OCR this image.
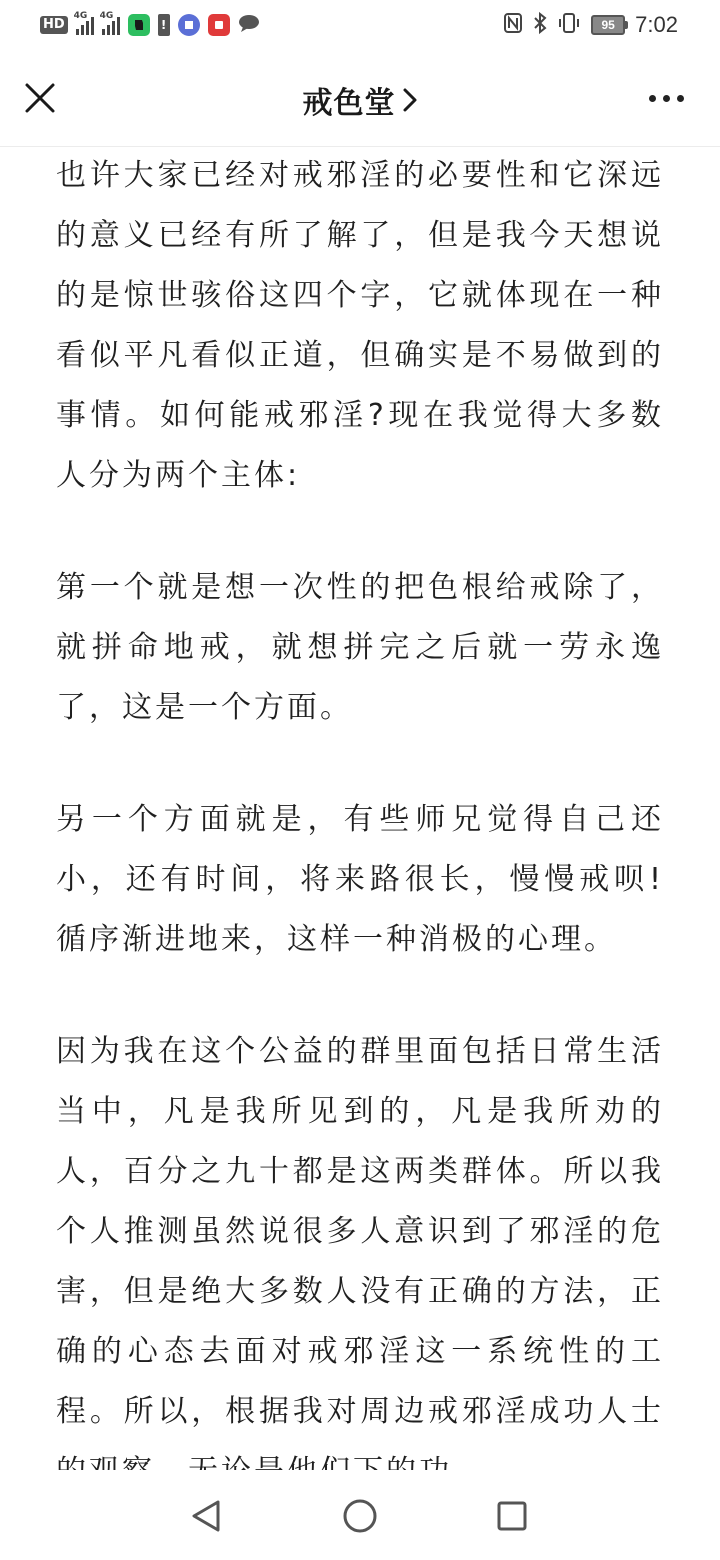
HD
4G 4G
!	95 7:02
戒色堂

也许大家已经对戒邪淫的必要性和它深远的意义已经有所了解了，但是我今天想说的是惊世骇俗这四个字，它就体现在一种看似平凡看似正道，但确实是不易做到的事情。如何能戒邪淫?现在我觉得大多数人分为两个主体:

第一个就是想一次性的把色根给戒除了，就拼命地戒，就想拼完之后就一劳永逸了，这是一个方面。

另一个方面就是，有些师兄觉得自己还小，还有时间，将来路很长，慢慢戒呗!循序渐进地来，这样一种消极的心理。

因为我在这个公益的群里面包括日常生活当中，凡是我所见到的，凡是我所劝的人，百分之九十都是这两类群体。所以我个人推测虽然说很多人意识到了邪淫的危害，但是绝大多数人没有正确的方法，正确的心态去面对戒邪淫这一系统性的工程。所以，根据我对周边戒邪淫成功人士
